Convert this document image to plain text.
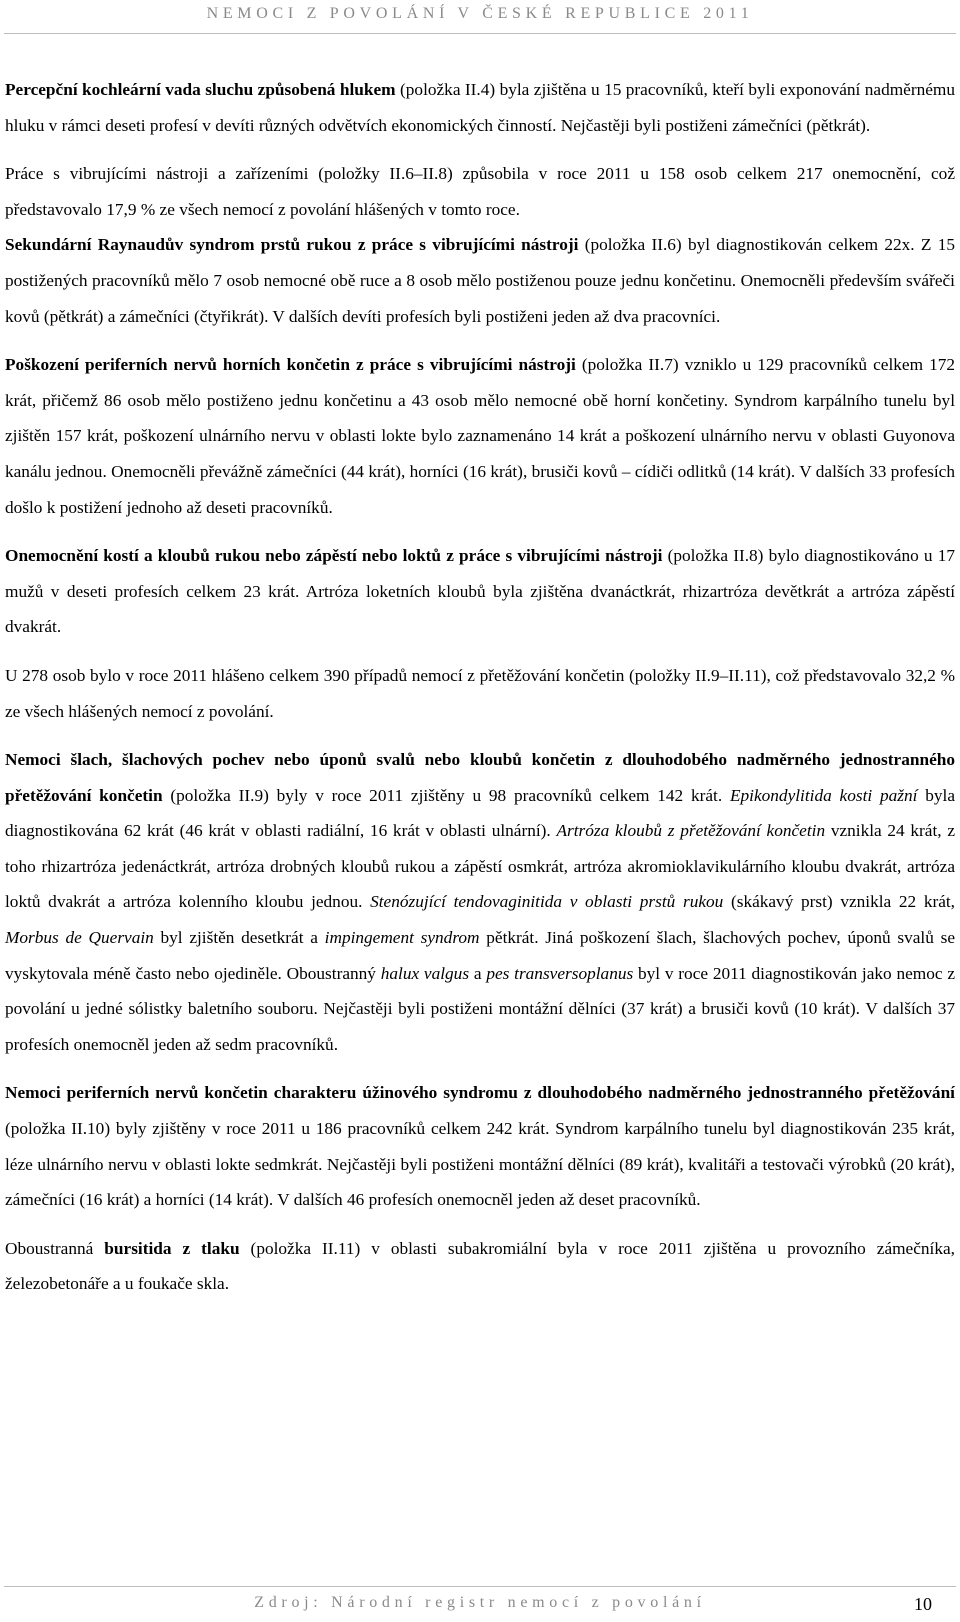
NEMOCI Z POVOLÁNÍ V ČESKÉ REPUBLICE 2011

Percepční kochleární vada sluchu způsobená hlukem (položka II.4) byla zjištěna u 15 pracovníků, kteří byli exponování nadměrnému hluku v rámci deseti profesí v devíti různých odvětvích ekonomických činností. Nejčastěji byli postiženi zámečníci (pětkrát).

Práce s vibrujícími nástroji a zařízeními (položky II.6–II.8) způsobila v roce 2011 u 158 osob celkem 217 onemocnění, což představovalo 17,9 % ze všech nemocí z povolání hlášených v tomto roce.

Sekundární Raynaudův syndrom prstů rukou z práce s vibrujícími nástroji (položka II.6) byl diagnostikován celkem 22x. Z 15 postižených pracovníků mělo 7 osob nemocné obě ruce a 8 osob mělo postiženou pouze jednu končetinu. Onemocněli především svářeči kovů (pětkrát) a zámečníci (čtyřikrát). V dalších devíti profesích byli postiženi jeden až dva pracovníci.

Poškození periferních nervů horních končetin z práce s vibrujícími nástroji (položka II.7) vzniklo u 129 pracovníků celkem 172 krát, přičemž 86 osob mělo postiženo jednu končetinu a 43 osob mělo nemocné obě horní končetiny. Syndrom karpálního tunelu byl zjištěn 157 krát, poškození ulnárního nervu v oblasti lokte bylo zaznamenáno 14 krát a poškození ulnárního nervu v oblasti Guyonova kanálu jednou. Onemocněli převážně zámečníci (44 krát), horníci (16 krát), brusiči kovů – cídiči odlitků (14 krát). V dalších 33 profesích došlo k postižení jednoho až deseti pracovníků.

Onemocnění kostí a kloubů rukou nebo zápěstí nebo loktů z práce s vibrujícími nástroji (položka II.8) bylo diagnostikováno u 17 mužů v deseti profesích celkem 23 krát. Artróza loketních kloubů byla zjištěna dvanáctkrát, rhizartróza devětkrát a artróza zápěstí dvakrát.

U 278 osob bylo v roce 2011 hlášeno celkem 390 případů nemocí z přetěžování končetin (položky II.9–II.11), což představovalo 32,2 % ze všech hlášených nemocí z povolání.

Nemoci šlach, šlachových pochev nebo úponů svalů nebo kloubů končetin z dlouhodobého nadměrného jednostranného přetěžování končetin (položka II.9) byly v roce 2011 zjištěny u 98 pracovníků celkem 142 krát. Epikondylitida kosti pažní byla diagnostikována 62 krát (46 krát v oblasti radiální, 16 krát v oblasti ulnární). Artróza kloubů z přetěžování končetin vznikla 24 krát, z toho rhizartróza jedenáctkrát, artróza drobných kloubů rukou a zápěstí osmkrát, artróza akromioklavikulárního kloubu dvakrát, artróza loktů dvakrát a artróza kolenního kloubu jednou. Stenózující tendovaginitida v oblasti prstů rukou (skákavý prst) vznikla 22 krát, Morbus de Quervain byl zjištěn desetkrát a impingement syndrom pětkrát. Jiná poškození šlach, šlachových pochev, úponů svalů se vyskytovala méně často nebo ojediněle. Oboustranný halux valgus a pes transversoplanus byl v roce 2011 diagnostikován jako nemoc z povolání u jedné sólistky baletního souboru. Nejčastěji byli postiženi montážní dělníci (37 krát) a brusiči kovů (10 krát). V dalších 37 profesích onemocněl jeden až sedm pracovníků.

Nemoci periferních nervů končetin charakteru úžinového syndromu z dlouhodobého nadměrného jednostranného přetěžování (položka II.10) byly zjištěny v roce 2011 u 186 pracovníků celkem 242 krát. Syndrom karpálního tunelu byl diagnostikován 235 krát, léze ulnárního nervu v oblasti lokte sedmkrát. Nejčastěji byli postiženi montážní dělníci (89 krát), kvalitáři a testovači výrobků (20 krát), zámečníci (16 krát) a horníci (14 krát). V dalších 46 profesích onemocněl jeden až deset pracovníků.

Oboustranná bursitida z tlaku (položka II.11) v oblasti subakromiální byla v roce 2011 zjištěna u provozního zámečníka, železobetonáře a u foukače skla.

Zdroj: Národní registr nemocí z povolání	10
